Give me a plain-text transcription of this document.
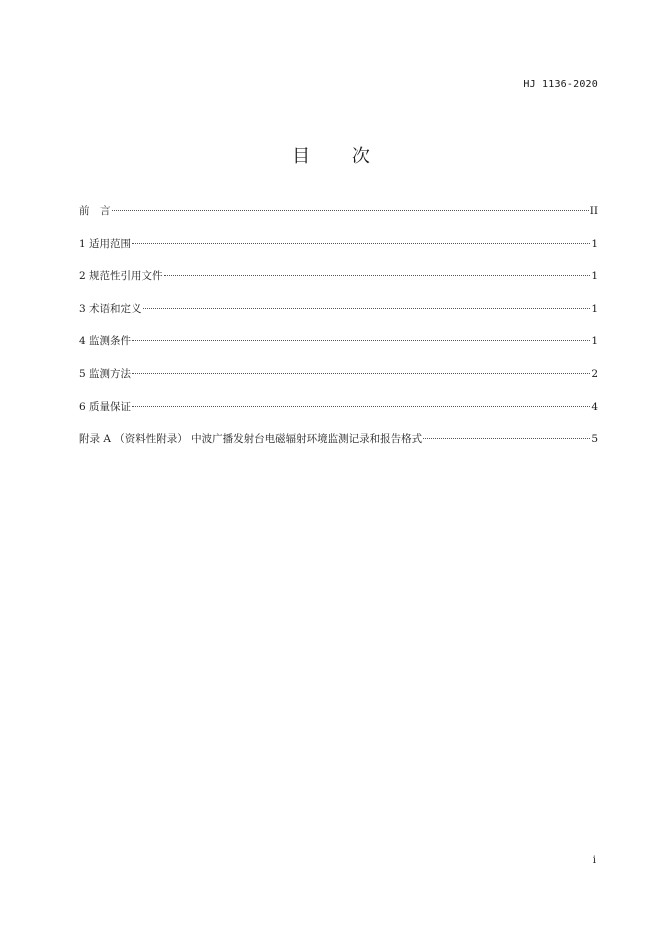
HJ 1136-2020
目 次
前　言	II
1 适用范围	1
2 规范性引用文件	1
3 术语和定义	1
4 监测条件	1
5 监测方法	2
6 质量保证	4
附录 A （资料性附录） 中波广播发射台电磁辐射环境监测记录和报告格式	5
i
